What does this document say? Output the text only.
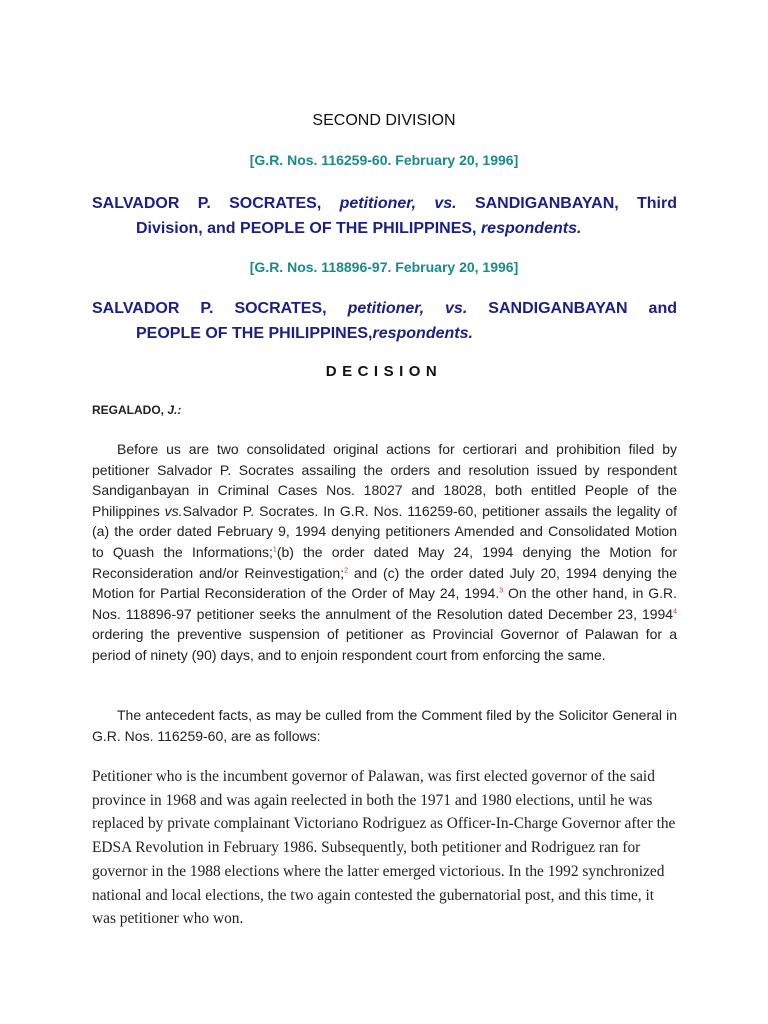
SECOND DIVISION
[G.R. Nos. 116259-60. February 20, 1996]
SALVADOR P. SOCRATES, petitioner, vs. SANDIGANBAYAN, Third
Division, and PEOPLE OF THE PHILIPPINES, respondents.
[G.R. Nos. 118896-97. February 20, 1996]
SALVADOR P. SOCRATES, petitioner, vs. SANDIGANBAYAN and
PEOPLE OF THE PHILIPPINES,respondents.
DECISION
REGALADO, J.:
Before us are two consolidated original actions for certiorari and prohibition filed by petitioner Salvador P. Socrates assailing the orders and resolution issued by respondent Sandiganbayan in Criminal Cases Nos. 18027 and 18028, both entitled People of the Philippines vs.Salvador P. Socrates. In G.R. Nos. 116259-60, petitioner assails the legality of (a) the order dated February 9, 1994 denying petitioners Amended and Consolidated Motion to Quash the Informations;$^1$(b) the order dated May 24, 1994 denying the Motion for Reconsideration and/or Reinvestigation;$^2$ and (c) the order dated July 20, 1994 denying the Motion for Partial Reconsideration of the Order of May 24, 1994.$^3$ On the other hand, in G.R. Nos. 118896-97 petitioner seeks the annulment of the Resolution dated December 23, 1994$^4$ ordering the preventive suspension of petitioner as Provincial Governor of Palawan for a period of ninety (90) days, and to enjoin respondent court from enforcing the same.
The antecedent facts, as may be culled from the Comment filed by the Solicitor General in G.R. Nos. 116259-60, are as follows:
Petitioner who is the incumbent governor of Palawan, was first elected governor of the said province in 1968 and was again reelected in both the 1971 and 1980 elections, until he was replaced by private complainant Victoriano Rodriguez as Officer-In-Charge Governor after the EDSA Revolution in February 1986. Subsequently, both petitioner and Rodriguez ran for governor in the 1988 elections where the latter emerged victorious. In the 1992 synchronized national and local elections, the two again contested the gubernatorial post, and this time, it was petitioner who won.
